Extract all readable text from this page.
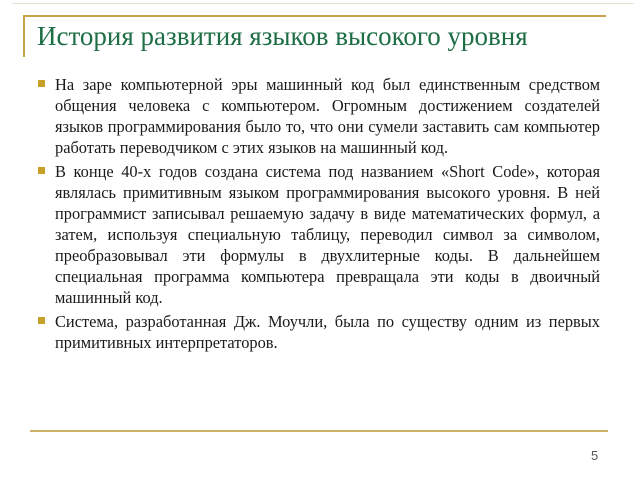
История развития языков высокого уровня
На заре компьютерной эры машинный код был единственным средством общения человека с компьютером. Огромным достижением создателей языков программирования было то, что они сумели заставить сам компьютер работать переводчиком с этих языков на машинный код.
В конце 40-х годов создана система под названием «Short Code», которая являлась примитивным языком программирования высокого уровня. В ней программист записывал решаемую задачу в виде математических формул, а затем, используя специальную таблицу, переводил символ за символом, преобразовывал эти формулы в двухлитерные коды. В дальнейшем специальная программа компьютера превращала эти коды в двоичный машинный код.
Система, разработанная Дж. Моучли, была по существу одним из первых примитивных интерпретаторов.
5
